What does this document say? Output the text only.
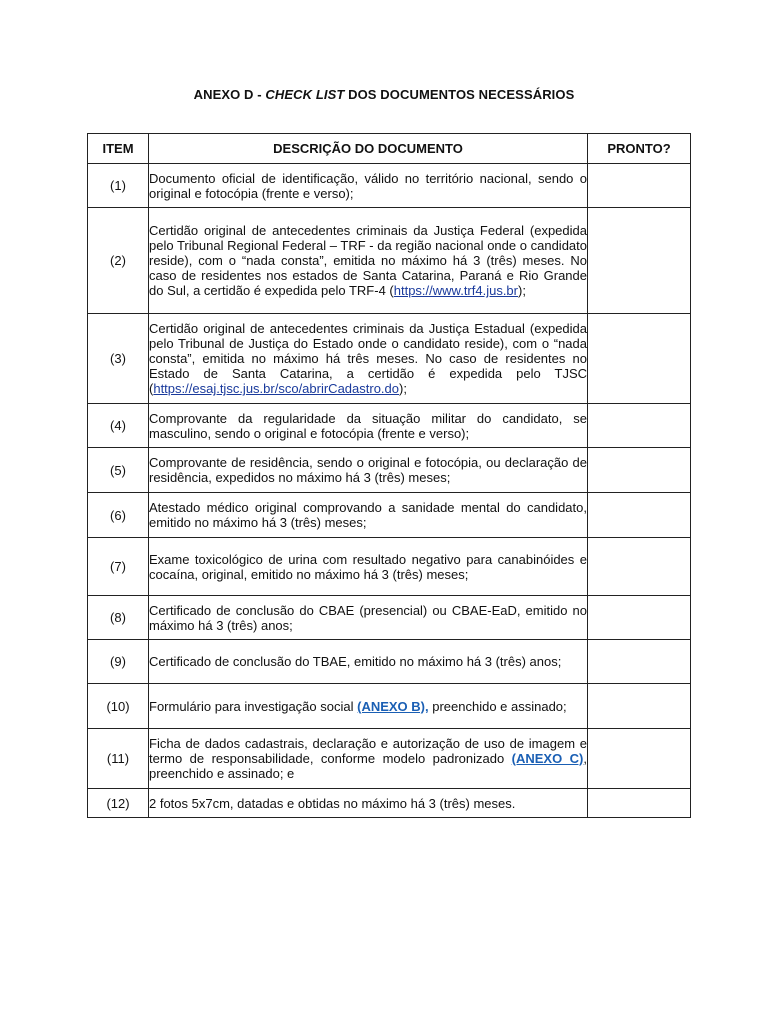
ANEXO D - CHECK LIST DOS DOCUMENTOS NECESSÁRIOS
ITEM	DESCRIÇÃO DO DOCUMENTO	PRONTO?
(1)	Documento oficial de identificação, válido no território nacional, sendo o original e fotocópia (frente e verso);	
(2)	Certidão original de antecedentes criminais da Justiça Federal (expedida pelo Tribunal Regional Federal – TRF - da região nacional onde o candidato reside), com o “nada consta”, emitida no máximo há 3 (três) meses. No caso de residentes nos estados de Santa Catarina, Paraná e Rio Grande do Sul, a certidão é expedida pelo TRF-4 (https://www.trf4.jus.br);	
(3)	Certidão original de antecedentes criminais da Justiça Estadual (expedida pelo Tribunal de Justiça do Estado onde o candidato reside), com o “nada consta”, emitida no máximo há três meses. No caso de residentes no Estado de Santa Catarina, a certidão é expedida pelo TJSC (https://esaj.tjsc.jus.br/sco/abrirCadastro.do);	
(4)	Comprovante da regularidade da situação militar do candidato, se masculino, sendo o original e fotocópia (frente e verso);	
(5)	Comprovante de residência, sendo o original e fotocópia, ou declaração de residência, expedidos no máximo há 3 (três) meses;	
(6)	Atestado médico original comprovando a sanidade mental do candidato, emitido no máximo há 3 (três) meses;	
(7)	Exame toxicológico de urina com resultado negativo para canabinóides e cocaína, original, emitido no máximo há 3 (três) meses;	
(8)	Certificado de conclusão do CBAE (presencial) ou CBAE-EaD, emitido no máximo há 3 (três) anos;	
(9)	Certificado de conclusão do TBAE, emitido no máximo há 3 (três) anos;	
(10)	Formulário para investigação social (ANEXO B), preenchido e assinado;	
(11)	Ficha de dados cadastrais, declaração e autorização de uso de imagem e termo de responsabilidade, conforme modelo padronizado (ANEXO C), preenchido e assinado; e	
(12)	2 fotos 5x7cm, datadas e obtidas no máximo há 3 (três) meses.	
